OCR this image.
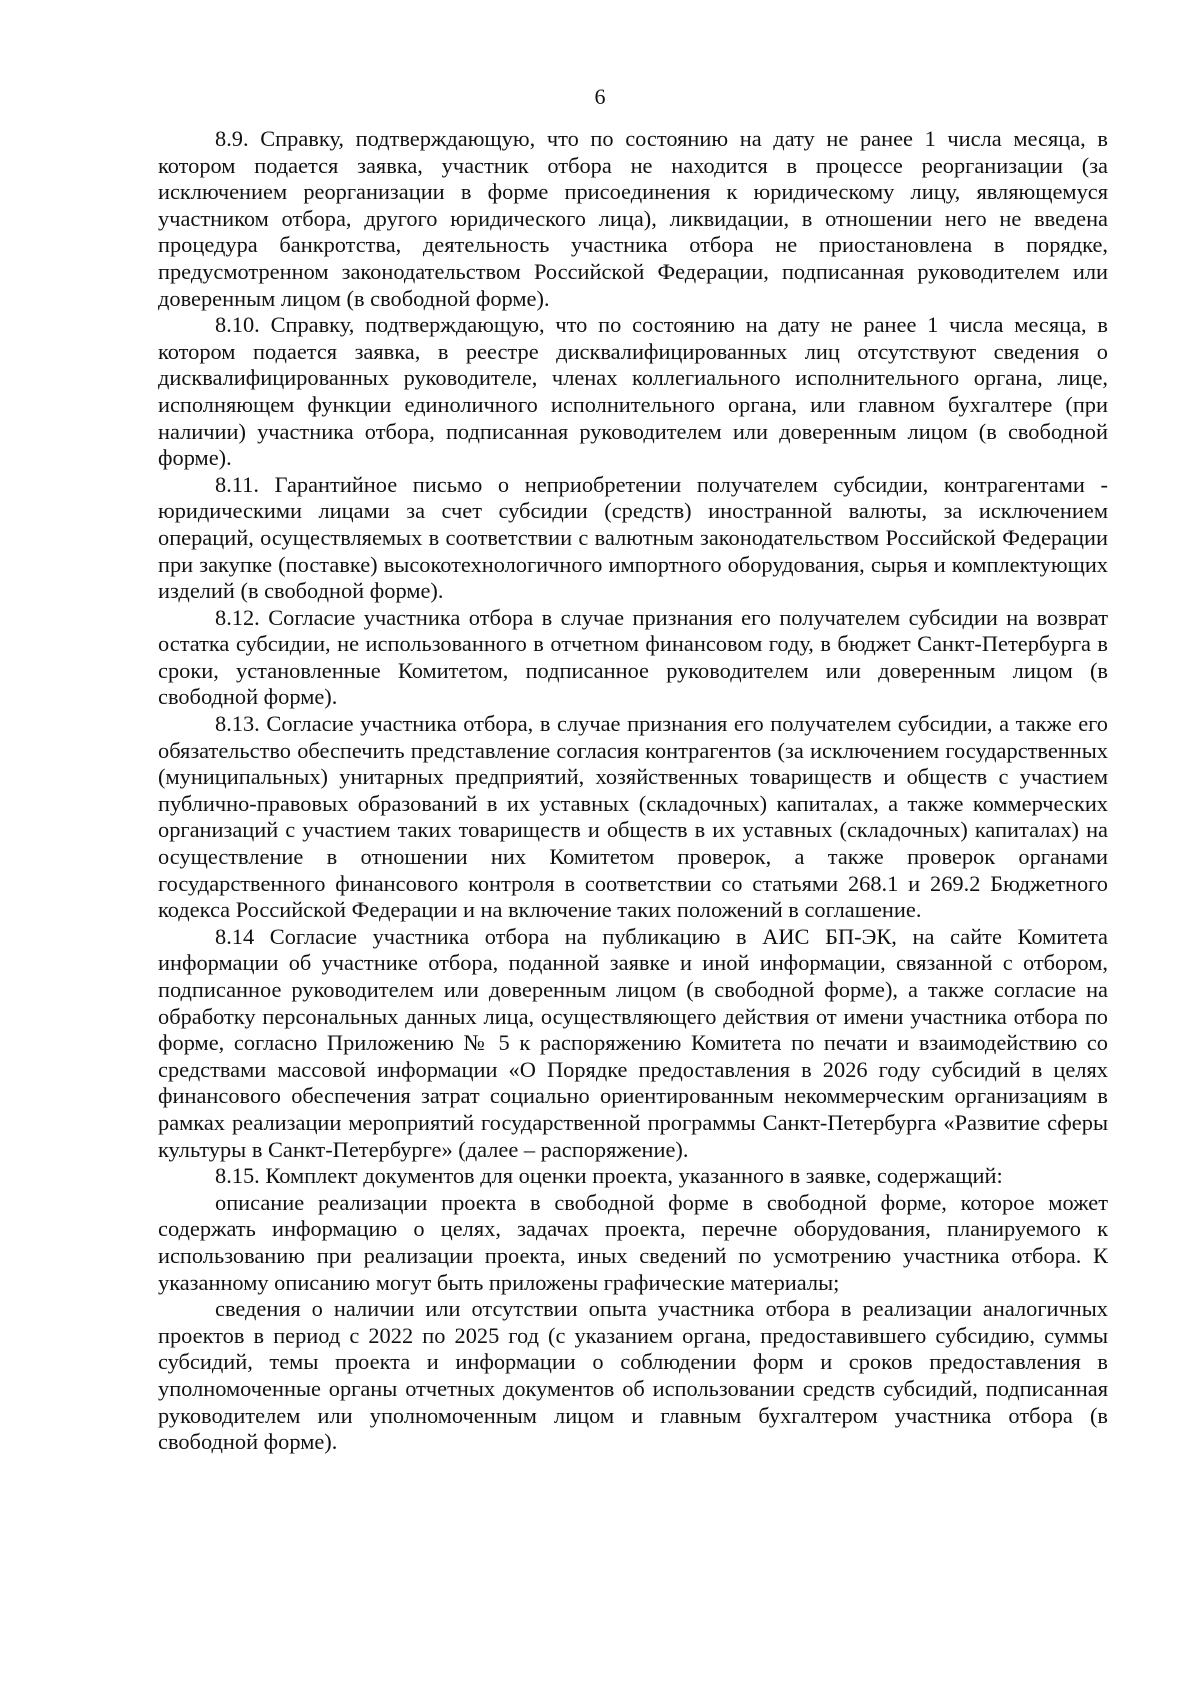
6

8.9. Справку, подтверждающую, что по состоянию на дату не ранее 1 числа месяца, в котором подается заявка, участник отбора не находится в процессе реорганизации (за исключением реорганизации в форме присоединения к юридическому лицу, являющемуся участником отбора, другого юридического лица), ликвидации, в отношении него не введена процедура банкротства, деятельность участника отбора не приостановлена в порядке, предусмотренном законодательством Российской Федерации, подписанная руководителем или доверенным лицом (в свободной форме).

8.10. Справку, подтверждающую, что по состоянию на дату не ранее 1 числа месяца, в котором подается заявка, в реестре дисквалифицированных лиц отсутствуют сведения о дисквалифицированных руководителе, членах коллегиального исполнительного органа, лице, исполняющем функции единоличного исполнительного органа, или главном бухгалтере (при наличии) участника отбора, подписанная руководителем или доверенным лицом (в свободной форме).

8.11. Гарантийное письмо о неприобретении получателем субсидии, контрагентами - юридическими лицами за счет субсидии (средств) иностранной валюты, за исключением операций, осуществляемых в соответствии с валютным законодательством Российской Федерации при закупке (поставке) высокотехнологичного импортного оборудования, сырья и комплектующих изделий (в свободной форме).

8.12. Согласие участника отбора в случае признания его получателем субсидии на возврат остатка субсидии, не использованного в отчетном финансовом году, в бюджет Санкт-Петербурга в сроки, установленные Комитетом, подписанное руководителем или доверенным лицом (в свободной форме).

8.13. Согласие участника отбора, в случае признания его получателем субсидии, а также его обязательство обеспечить представление согласия контрагентов (за исключением государственных (муниципальных) унитарных предприятий, хозяйственных товариществ и обществ с участием публично-правовых образований в их уставных (складочных) капиталах, а также коммерческих организаций с участием таких товариществ и обществ в их уставных (складочных) капиталах) на осуществление в отношении них Комитетом проверок, а также проверок органами государственного финансового контроля в соответствии со статьями 268.1 и 269.2 Бюджетного кодекса Российской Федерации и на включение таких положений в соглашение.

8.14 Согласие участника отбора на публикацию в АИС БП-ЭК, на сайте Комитета информации об участнике отбора, поданной заявке и иной информации, связанной с отбором, подписанное руководителем или доверенным лицом (в свободной форме), а также согласие на обработку персональных данных лица, осуществляющего действия от имени участника отбора по форме, согласно Приложению № 5 к распоряжению Комитета по печати и взаимодействию со средствами массовой информации «О Порядке предоставления в 2026 году субсидий в целях финансового обеспечения затрат социально ориентированным некоммерческим организациям в рамках реализации мероприятий государственной программы Санкт-Петербурга «Развитие сферы культуры в Санкт-Петербурге» (далее – распоряжение).

8.15. Комплект документов для оценки проекта, указанного в заявке, содержащий:

описание реализации проекта в свободной форме в свободной форме, которое может содержать информацию о целях, задачах проекта, перечне оборудования, планируемого к использованию при реализации проекта, иных сведений по усмотрению участника отбора. К указанному описанию могут быть приложены графические материалы;

сведения о наличии или отсутствии опыта участника отбора в реализации аналогичных проектов в период с 2022 по 2025 год (с указанием органа, предоставившего субсидию, суммы субсидий, темы проекта и информации о соблюдении форм и сроков предоставления в уполномоченные органы отчетных документов об использовании средств субсидий, подписанная руководителем или уполномоченным лицом и главным бухгалтером участника отбора (в свободной форме).
